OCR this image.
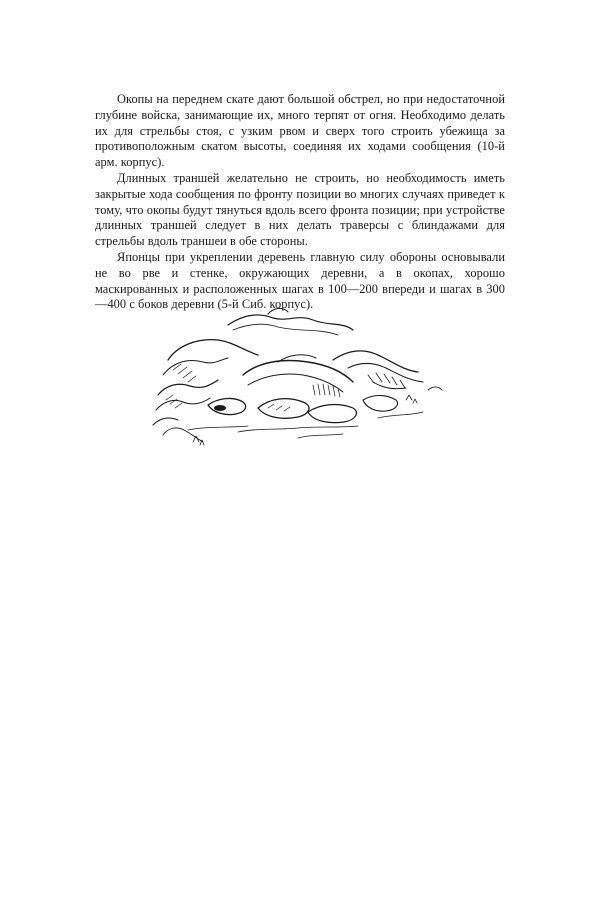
Окопы на переднем скате дают большой обстрел, но при недостаточной глубине войска, занимающие их, много терпят от огня. Необходимо делать их для стрельбы стоя, с узким рвом и сверх того строить убежища за противоположным скатом высоты, соединяя их ходами сообщения (10-й арм. корпус).

Длинных траншей желательно не строить, но необходимость иметь закрытые хода сообщения по фронту позиции во многих случаях приведет к тому, что окопы будут тянуться вдоль всего фронта позиции; при устройстве длинных траншей следует в них делать траверсы с блиндажами для стрельбы вдоль траншеи в обе стороны.

Японцы при укреплении деревень главную силу обороны основывали не во рве и стенке, окружающих деревни, а в окопах, хорошо маскированных и расположенных шагах в 100—200 впереди и шагах в 300—400 с боков деревни (5-й Сиб. корпус).
